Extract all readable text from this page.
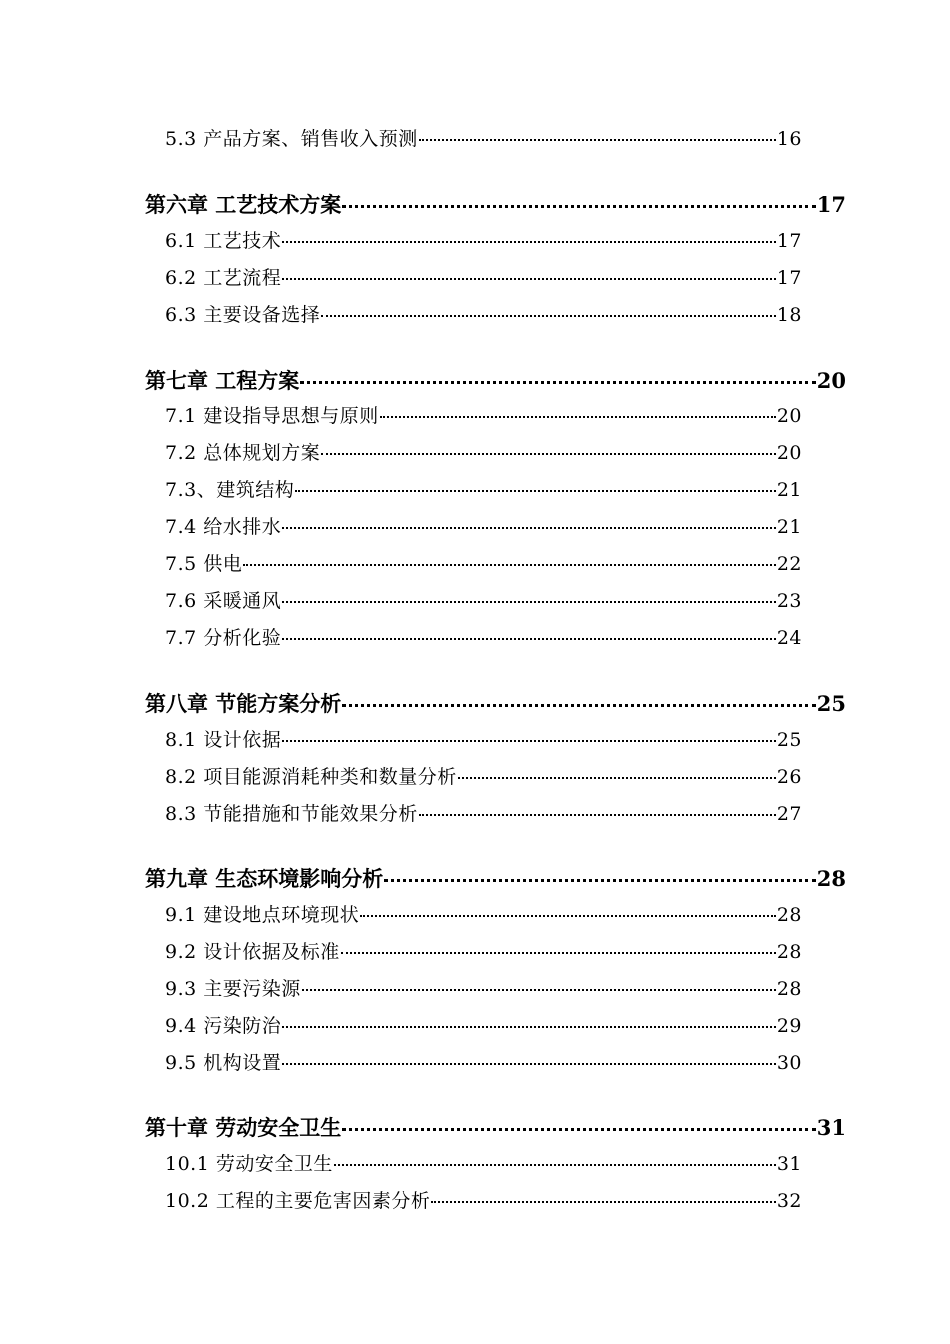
5.3 产品方案、销售收入预测	16
第六章 工艺技术方案	17
6.1 工艺技术	17
6.2 工艺流程	17
6.3 主要设备选择	18
第七章 工程方案	20
7.1 建设指导思想与原则	20
7.2 总体规划方案	20
7.3、建筑结构	21
7.4 给水排水	21
7.5 供电	22
7.6 采暖通风	23
7.7 分析化验	24
第八章 节能方案分析	25
8.1 设计依据	25
8.2 项目能源消耗种类和数量分析	26
8.3 节能措施和节能效果分析	27
第九章 生态环境影响分析	28
9.1 建设地点环境现状	28
9.2 设计依据及标准	28
9.3 主要污染源	28
9.4 污染防治	29
9.5 机构设置	30
第十章 劳动安全卫生	31
10.1 劳动安全卫生	31
10.2 工程的主要危害因素分析	32
